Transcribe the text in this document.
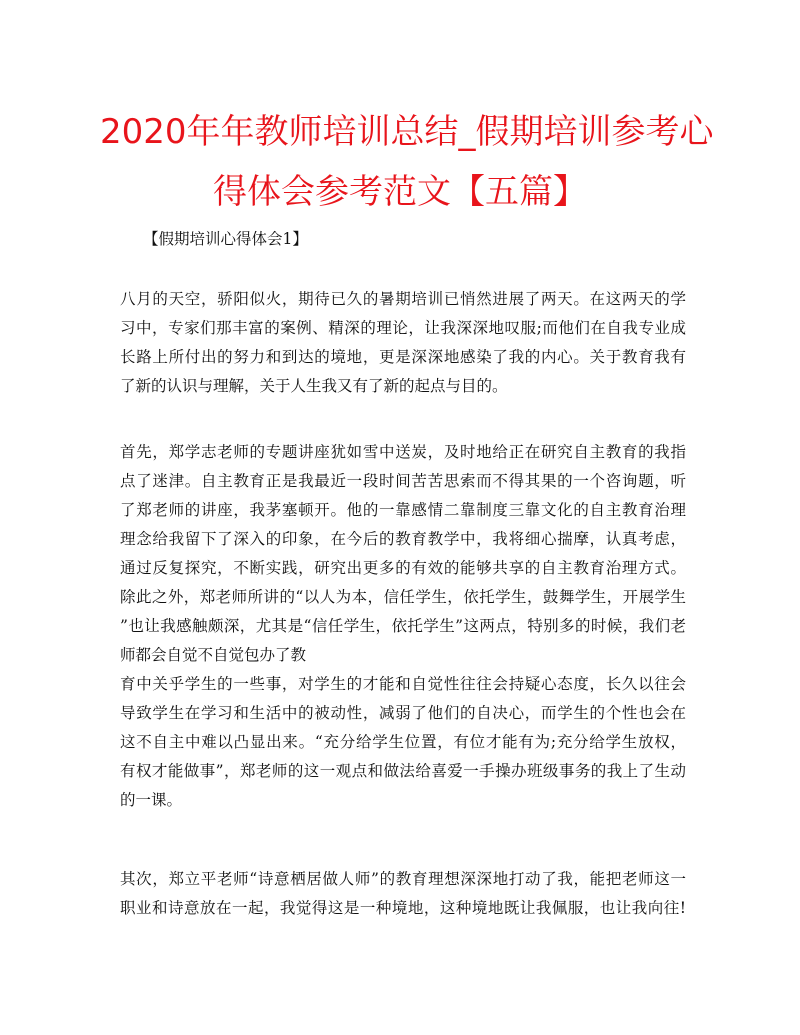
2020年年教师培训总结_假期培训参考心
得体会参考范文【五篇】
【假期培训心得体会1】
八月的天空，骄阳似火，期待已久的暑期培训已悄然进展了两天。在这两天的学
习中，专家们那丰富的案例、精深的理论，让我深深地叹服;而他们在自我专业成
长路上所付出的努力和到达的境地，更是深深地感染了我的内心。关于教育我有
了新的认识与理解，关于人生我又有了新的起点与目的。
首先，郑学志老师的专题讲座犹如雪中送炭，及时地给正在研究自主教育的我指
点了迷津。自主教育正是我最近一段时间苦苦思索而不得其果的一个咨询题，听
了郑老师的讲座，我茅塞顿开。他的一靠感情二靠制度三靠文化的自主教育治理
理念给我留下了深入的印象，在今后的教育教学中，我将细心揣摩，认真考虑，
通过反复探究，不断实践，研究出更多的有效的能够共享的自主教育治理方式。
除此之外，郑老师所讲的“以人为本，信任学生，依托学生，鼓舞学生，开展学生
”也让我感触颇深，尤其是“信任学生，依托学生”这两点，特别多的时候，我们老
师都会自觉不自觉包办了教
育中关乎学生的一些事，对学生的才能和自觉性往往会持疑心态度，长久以往会
导致学生在学习和生活中的被动性，减弱了他们的自决心，而学生的个性也会在
这不自主中难以凸显出来。“充分给学生位置，有位才能有为;充分给学生放权，
有权才能做事”，郑老师的这一观点和做法给喜爱一手操办班级事务的我上了生动
的一课。
其次，郑立平老师“诗意栖居做人师”的教育理想深深地打动了我，能把老师这一
职业和诗意放在一起，我觉得这是一种境地，这种境地既让我佩服，也让我向往!
